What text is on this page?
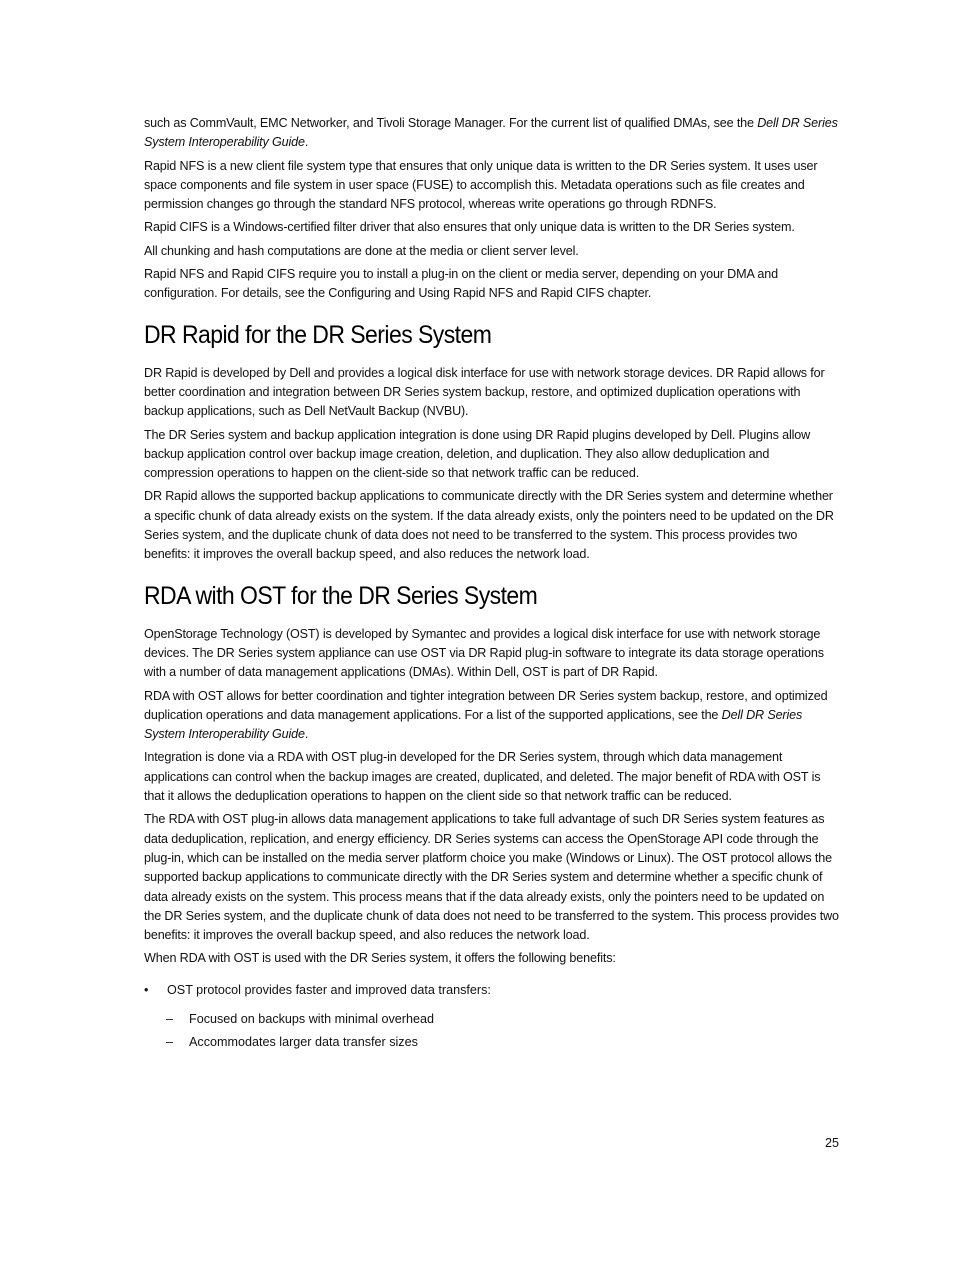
such as CommVault, EMC Networker, and Tivoli Storage Manager. For the current list of qualified DMAs, see the Dell DR Series System Interoperability Guide.

Rapid NFS is a new client file system type that ensures that only unique data is written to the DR Series system. It uses user space components and file system in user space (FUSE) to accomplish this. Metadata operations such as file creates and permission changes go through the standard NFS protocol, whereas write operations go through RDNFS.

Rapid CIFS is a Windows-certified filter driver that also ensures that only unique data is written to the DR Series system.

All chunking and hash computations are done at the media or client server level.

Rapid NFS and Rapid CIFS require you to install a plug-in on the client or media server, depending on your DMA and configuration. For details, see the Configuring and Using Rapid NFS and Rapid CIFS chapter.

DR Rapid for the DR Series System

DR Rapid is developed by Dell and provides a logical disk interface for use with network storage devices. DR Rapid allows for better coordination and integration between DR Series system backup, restore, and optimized duplication operations with backup applications, such as Dell NetVault Backup (NVBU).

The DR Series system and backup application integration is done using DR Rapid plugins developed by Dell. Plugins allow backup application control over backup image creation, deletion, and duplication. They also allow deduplication and compression operations to happen on the client-side so that network traffic can be reduced.

DR Rapid allows the supported backup applications to communicate directly with the DR Series system and determine whether a specific chunk of data already exists on the system. If the data already exists, only the pointers need to be updated on the DR Series system, and the duplicate chunk of data does not need to be transferred to the system. This process provides two benefits: it improves the overall backup speed, and also reduces the network load.

RDA with OST for the DR Series System

OpenStorage Technology (OST) is developed by Symantec and provides a logical disk interface for use with network storage devices. The DR Series system appliance can use OST via DR Rapid plug-in software to integrate its data storage operations with a number of data management applications (DMAs). Within Dell, OST is part of DR Rapid.

RDA with OST allows for better coordination and tighter integration between DR Series system backup, restore, and optimized duplication operations and data management applications. For a list of the supported applications, see the Dell DR Series System Interoperability Guide.

Integration is done via a RDA with OST plug-in developed for the DR Series system, through which data management applications can control when the backup images are created, duplicated, and deleted. The major benefit of RDA with OST is that it allows the deduplication operations to happen on the client side so that network traffic can be reduced.

The RDA with OST plug-in allows data management applications to take full advantage of such DR Series system features as data deduplication, replication, and energy efficiency. DR Series systems can access the OpenStorage API code through the plug-in, which can be installed on the media server platform choice you make (Windows or Linux). The OST protocol allows the supported backup applications to communicate directly with the DR Series system and determine whether a specific chunk of data already exists on the system. This process means that if the data already exists, only the pointers need to be updated on the DR Series system, and the duplicate chunk of data does not need to be transferred to the system. This process provides two benefits: it improves the overall backup speed, and also reduces the network load.

When RDA with OST is used with the DR Series system, it offers the following benefits:

• OST protocol provides faster and improved data transfers:
– Focused on backups with minimal overhead
– Accommodates larger data transfer sizes
25
